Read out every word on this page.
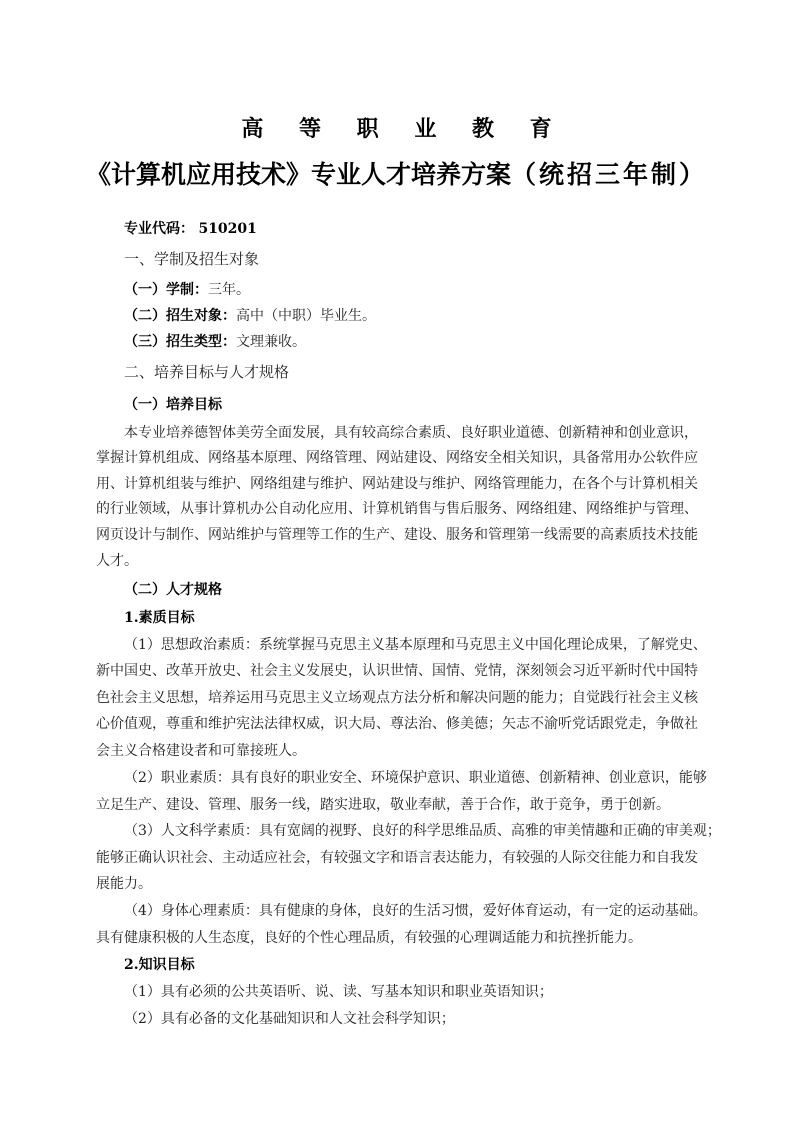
高 等 职 业 教 育
《计算机应用技术》专业人才培养方案（统招三年制）
专业代码： 510201
一、学制及招生对象
（一）学制：三年。
（二）招生对象：高中（中职）毕业生。
（三）招生类型：文理兼收。
二、培养目标与人才规格
（一）培养目标
本专业培养德智体美劳全面发展，具有较高综合素质、良好职业道德、创新精神和创业意识，
掌握计算机组成、网络基本原理、网络管理、网站建设、网络安全相关知识，具备常用办公软件应
用、计算机组装与维护、网络组建与维护、网站建设与维护、网络管理能力，在各个与计算机相关
的行业领域，从事计算机办公自动化应用、计算机销售与售后服务、网络组建、网络维护与管理、
网页设计与制作、网站维护与管理等工作的生产、建设、服务和管理第一线需要的高素质技术技能
人才。
（二）人才规格
1.素质目标
（1）思想政治素质：系统掌握马克思主义基本原理和马克思主义中国化理论成果，了解党史、
新中国史、改革开放史、社会主义发展史，认识世情、国情、党情，深刻领会习近平新时代中国特
色社会主义思想，培养运用马克思主义立场观点方法分析和解决问题的能力；自觉践行社会主义核
心价值观，尊重和维护宪法法律权威，识大局、尊法治、修美德；矢志不渝听党话跟党走，争做社
会主义合格建设者和可靠接班人。
（2）职业素质：具有良好的职业安全、环境保护意识、职业道德、创新精神、创业意识，能够
立足生产、建设、管理、服务一线，踏实进取，敬业奉献，善于合作，敢于竞争，勇于创新。
（3）人文科学素质：具有宽阔的视野、良好的科学思维品质、高雅的审美情趣和正确的审美观；
能够正确认识社会、主动适应社会，有较强文字和语言表达能力，有较强的人际交往能力和自我发
展能力。
（4）身体心理素质：具有健康的身体，良好的生活习惯，爱好体育运动，有一定的运动基础。
具有健康积极的人生态度，良好的个性心理品质，有较强的心理调适能力和抗挫折能力。
2.知识目标
（1）具有必须的公共英语听、说、读、写基本知识和职业英语知识；
（2）具有必备的文化基础知识和人文社会科学知识；
